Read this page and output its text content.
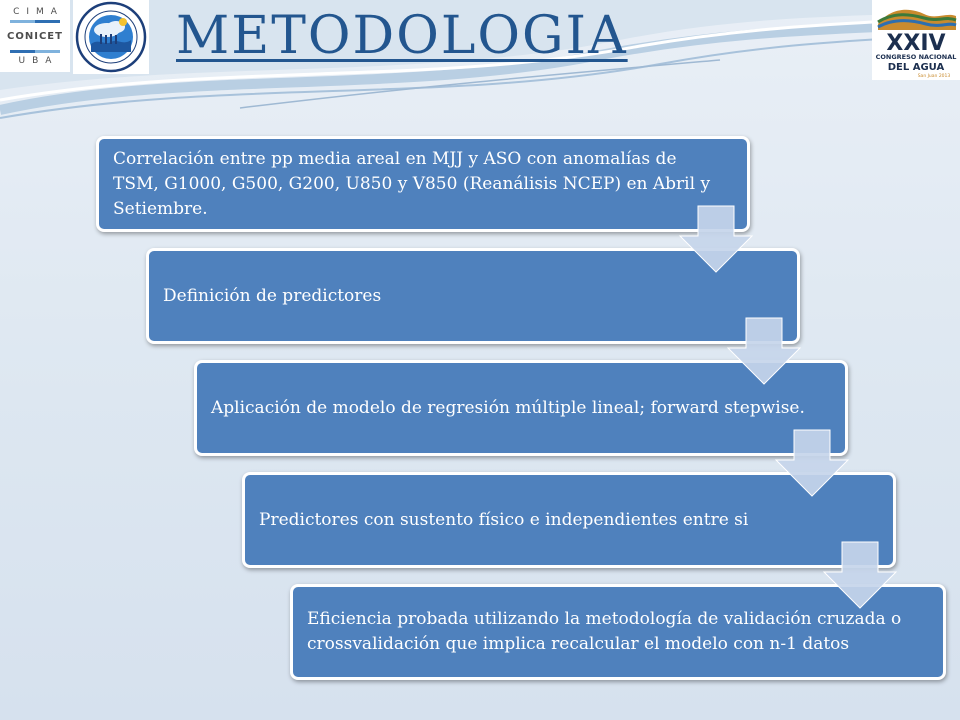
CIMA
CONICET
UBA
XXIV
CONGRESO NACIONAL
DEL AGUA
San Juan 2013
METODOLOGIA
Correlación entre pp media areal en MJJ y ASO con anomalías de TSM, G1000, G500, G200, U850 y V850 (Reanálisis NCEP) en Abril y Setiembre.
Definición de predictores
Aplicación de modelo de regresión múltiple lineal; forward stepwise.
Predictores con sustento físico e independientes entre si
Eficiencia probada utilizando la metodología de validación cruzada o crossvalidación que implica recalcular el modelo con n-1 datos
